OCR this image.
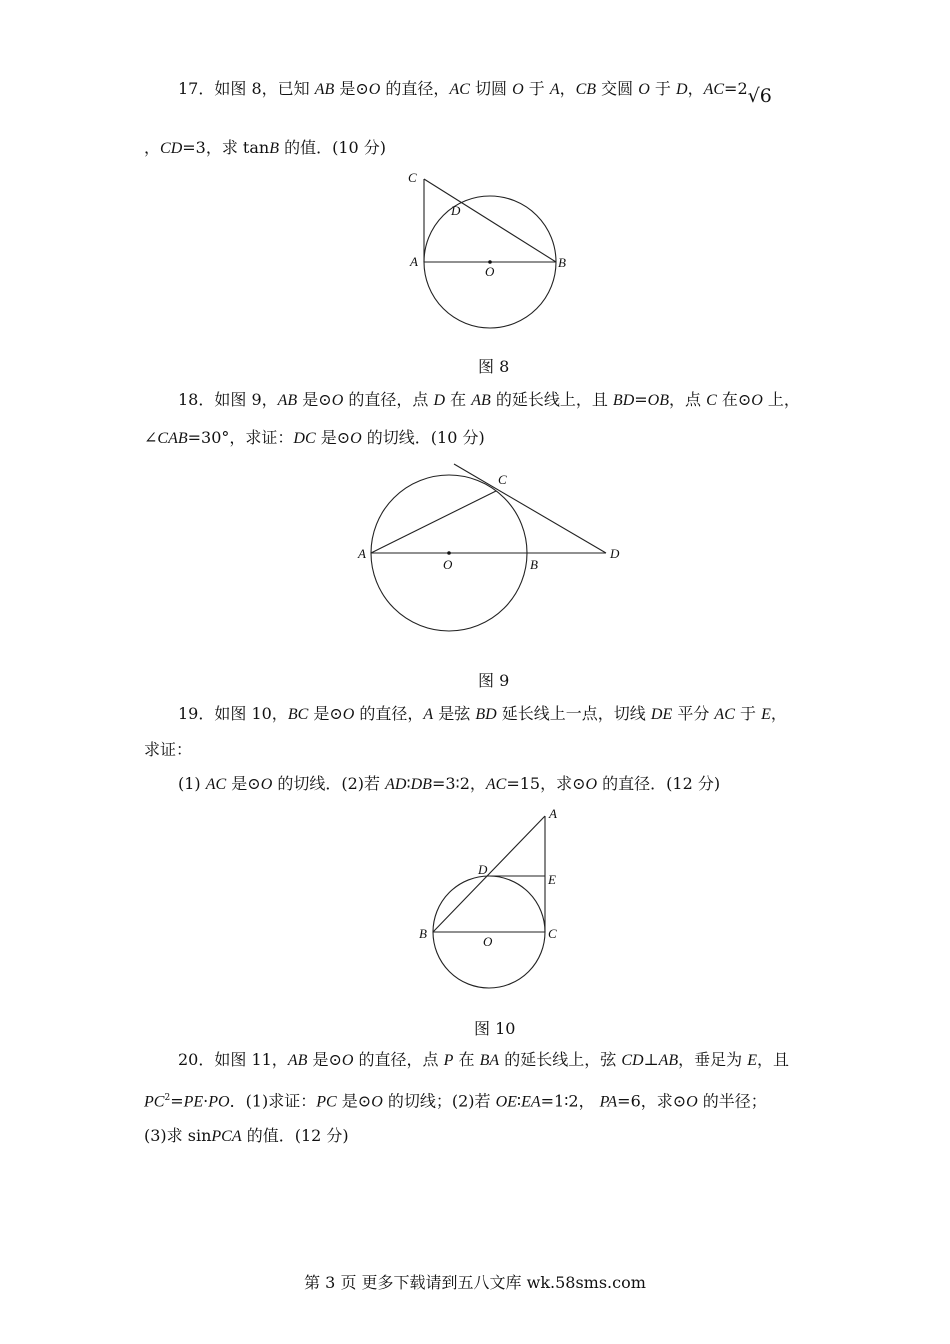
17．如图 8，已知 AB 是⊙O 的直径，AC 切圆 O 于 A，CB 交圆 O 于 D，AC=2√6
，CD=3，求 tanB 的值．(10 分)
C
D
A
O
B
图 8
18．如图 9，AB 是⊙O 的直径，点 D 在 AB 的延长线上，且 BD=OB，点 C 在⊙O 上，
∠CAB=30°，求证：DC 是⊙O 的切线．(10 分)
C
A
O	B
D
图 9
19．如图 10，BC 是⊙O 的直径，A 是弦 BD 延长线上一点，切线 DE 平分 AC 于 E，
求证：
(1) AC 是⊙O 的切线．(2)若 AD∶DB=3∶2，AC=15，求⊙O 的直径．(12 分)
A
D
E
B
O
C
图 10
20．如图 11，AB 是⊙O 的直径，点 P 在 BA 的延长线上，弦 CD⊥AB，垂足为 E，且
$PC^2=PE\cdot PO$．(1)求证：PC 是⊙O 的切线；(2)若 OE∶EA=1∶2， PA=6，求⊙O 的半径；
(3)求 sinPCA 的值．(12 分)
第 3 页 更多下载请到五八文库 wk.58sms.com
